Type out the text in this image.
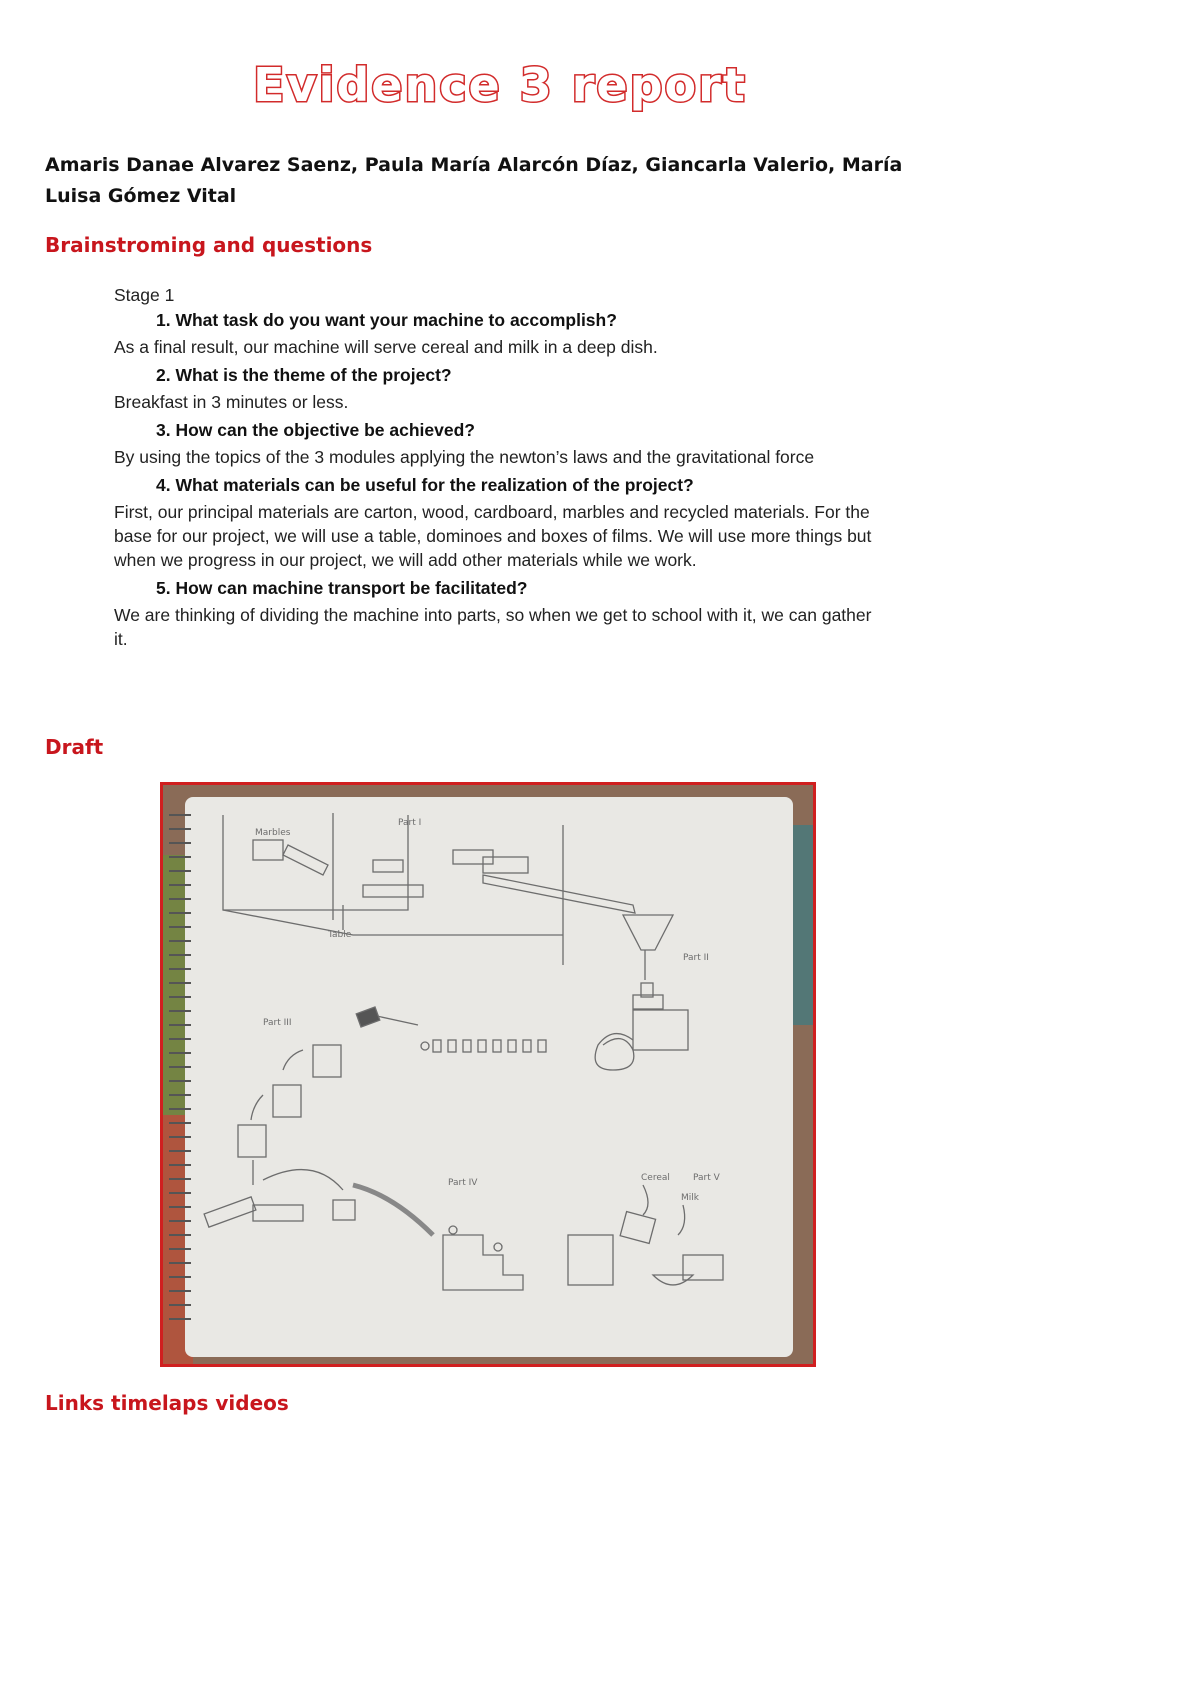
Evidence 3 report
Amaris Danae Alvarez Saenz, Paula María Alarcón Díaz, Giancarla Valerio, María Luisa Gómez Vital
Brainstroming and questions
Stage 1
1. What task do you want your machine to accomplish?
As a final result, our machine will serve cereal and milk in a deep dish.
2. What is the theme of the project?
Breakfast in 3 minutes or less.
3. How can the objective be achieved?
By using the topics of the 3 modules applying the newton’s laws and the gravitational force
4. What materials can be useful for the realization of the project?
First, our principal materials are carton, wood, cardboard, marbles and recycled materials. For the base for our project, we will use a table, dominoes and boxes of films. We will use more things but when we progress in our project, we will add other materials while we work.
5. How can machine transport be facilitated?
We are thinking of dividing the machine into parts, so when we get to school with it, we can gather it.
Draft
Part I
Part II
Part III
Part IV	Part V
Marbles
Table
Cereal
Milk
Links timelaps videos
